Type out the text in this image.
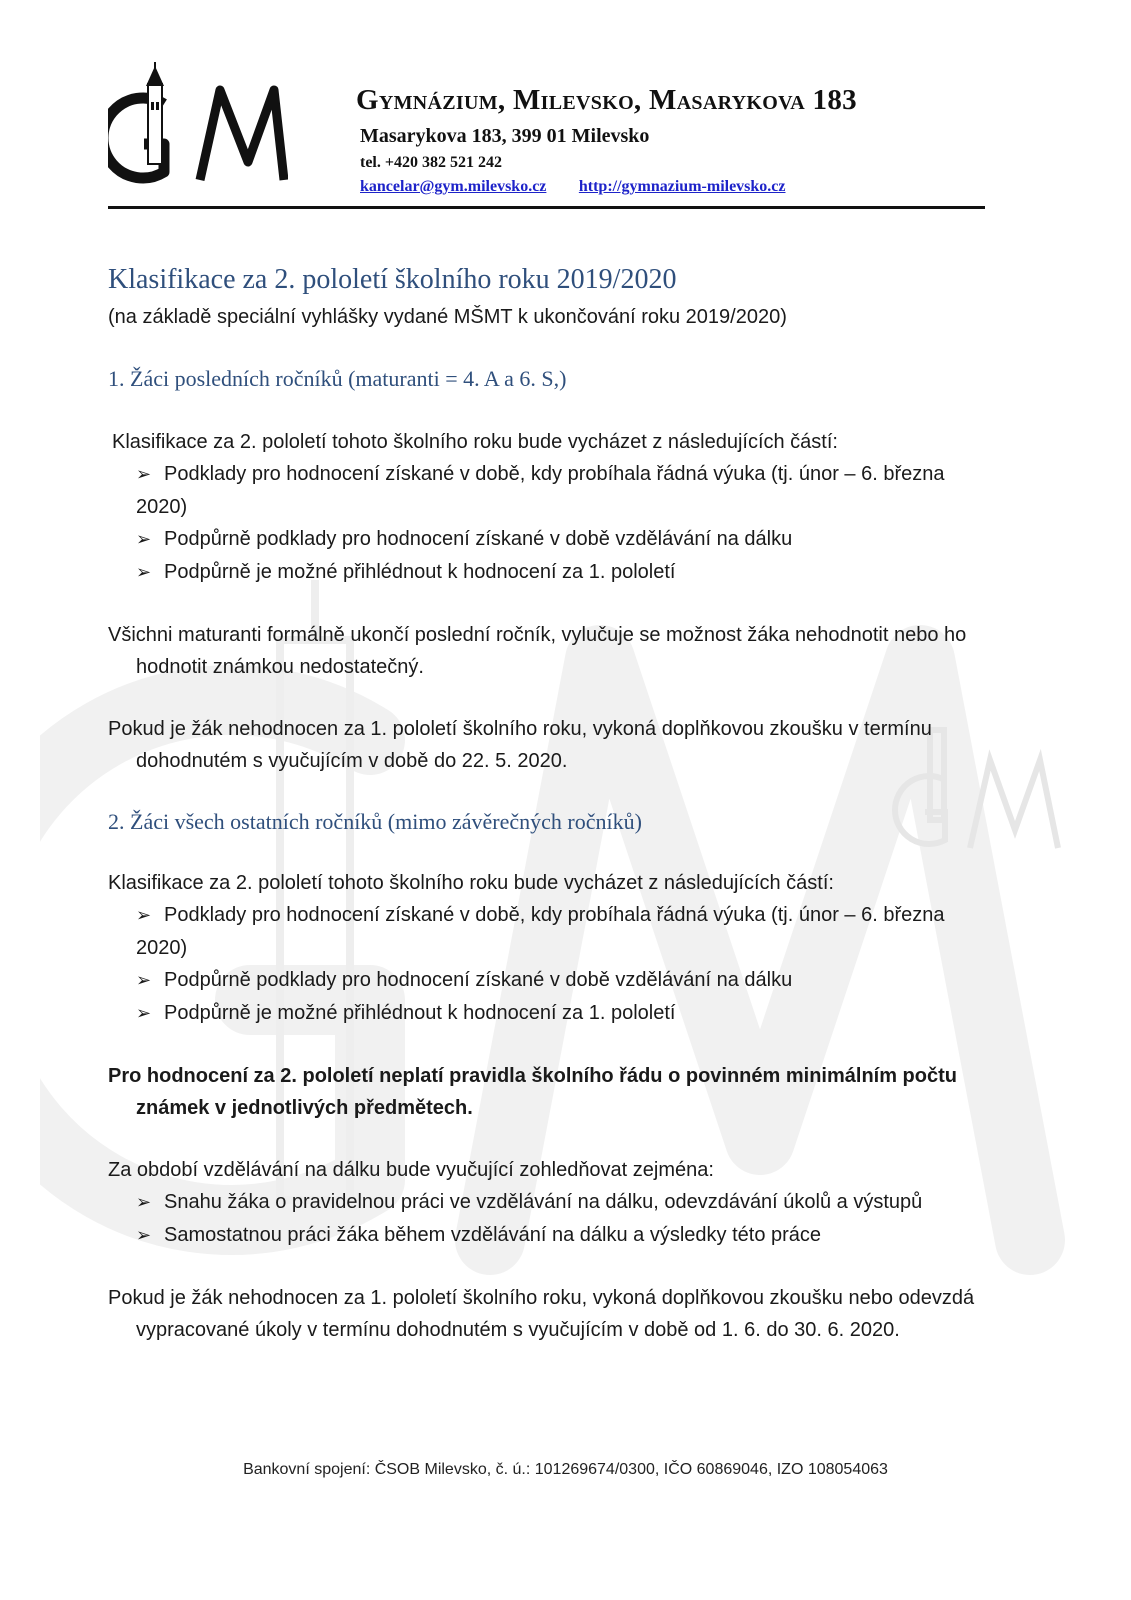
Gymnázium, Milevsko, Masarykova 183
Masarykova 183, 399 01 Milevsko
tel. +420 382 521 242
kancelar@gym.milevsko.cz http://gymnazium-milevsko.cz
Klasifikace za 2. pololetí školního roku 2019/2020

(na základě speciální vyhlášky vydané MŠMT k ukončování roku 2019/2020)

1. Žáci posledních ročníků (maturanti = 4. A a 6. S,)

Klasifikace za 2. pololetí tohoto školního roku bude vycházet z následujících částí:

➢ Podklady pro hodnocení získané v době, kdy probíhala řádná výuka (tj. únor – 6. března 2020)
➢ Podpůrně podklady pro hodnocení získané v době vzdělávání na dálku
➢ Podpůrně je možné přihlédnout k hodnocení za 1. pololetí

Všichni maturanti formálně ukončí poslední ročník, vylučuje se možnost žáka nehodnotit nebo ho hodnotit známkou nedostatečný.

Pokud je žák nehodnocen za 1. pololetí školního roku, vykoná doplňkovou zkoušku v termínu dohodnutém s vyučujícím v době do 22. 5. 2020.

2. Žáci všech ostatních ročníků (mimo závěrečných ročníků)

Klasifikace za 2. pololetí tohoto školního roku bude vycházet z následujících částí:

➢ Podklady pro hodnocení získané v době, kdy probíhala řádná výuka (tj. únor – 6. března 2020)
➢ Podpůrně podklady pro hodnocení získané v době vzdělávání na dálku
➢ Podpůrně je možné přihlédnout k hodnocení za 1. pololetí

Pro hodnocení za 2. pololetí neplatí pravidla školního řádu o povinném minimálním počtu známek v jednotlivých předmětech.

Za období vzdělávání na dálku bude vyučující zohledňovat zejména:

➢ Snahu žáka o pravidelnou práci ve vzdělávání na dálku, odevzdávání úkolů a výstupů
➢ Samostatnou práci žáka během vzdělávání na dálku a výsledky této práce

Pokud je žák nehodnocen za 1. pololetí školního roku, vykoná doplňkovou zkoušku nebo odevzdá vypracované úkoly v termínu dohodnutém s vyučujícím v době od 1. 6. do 30. 6. 2020.

Bankovní spojení: ČSOB Milevsko, č. ú.: 101269674/0300, IČO 60869046, IZO 108054063
